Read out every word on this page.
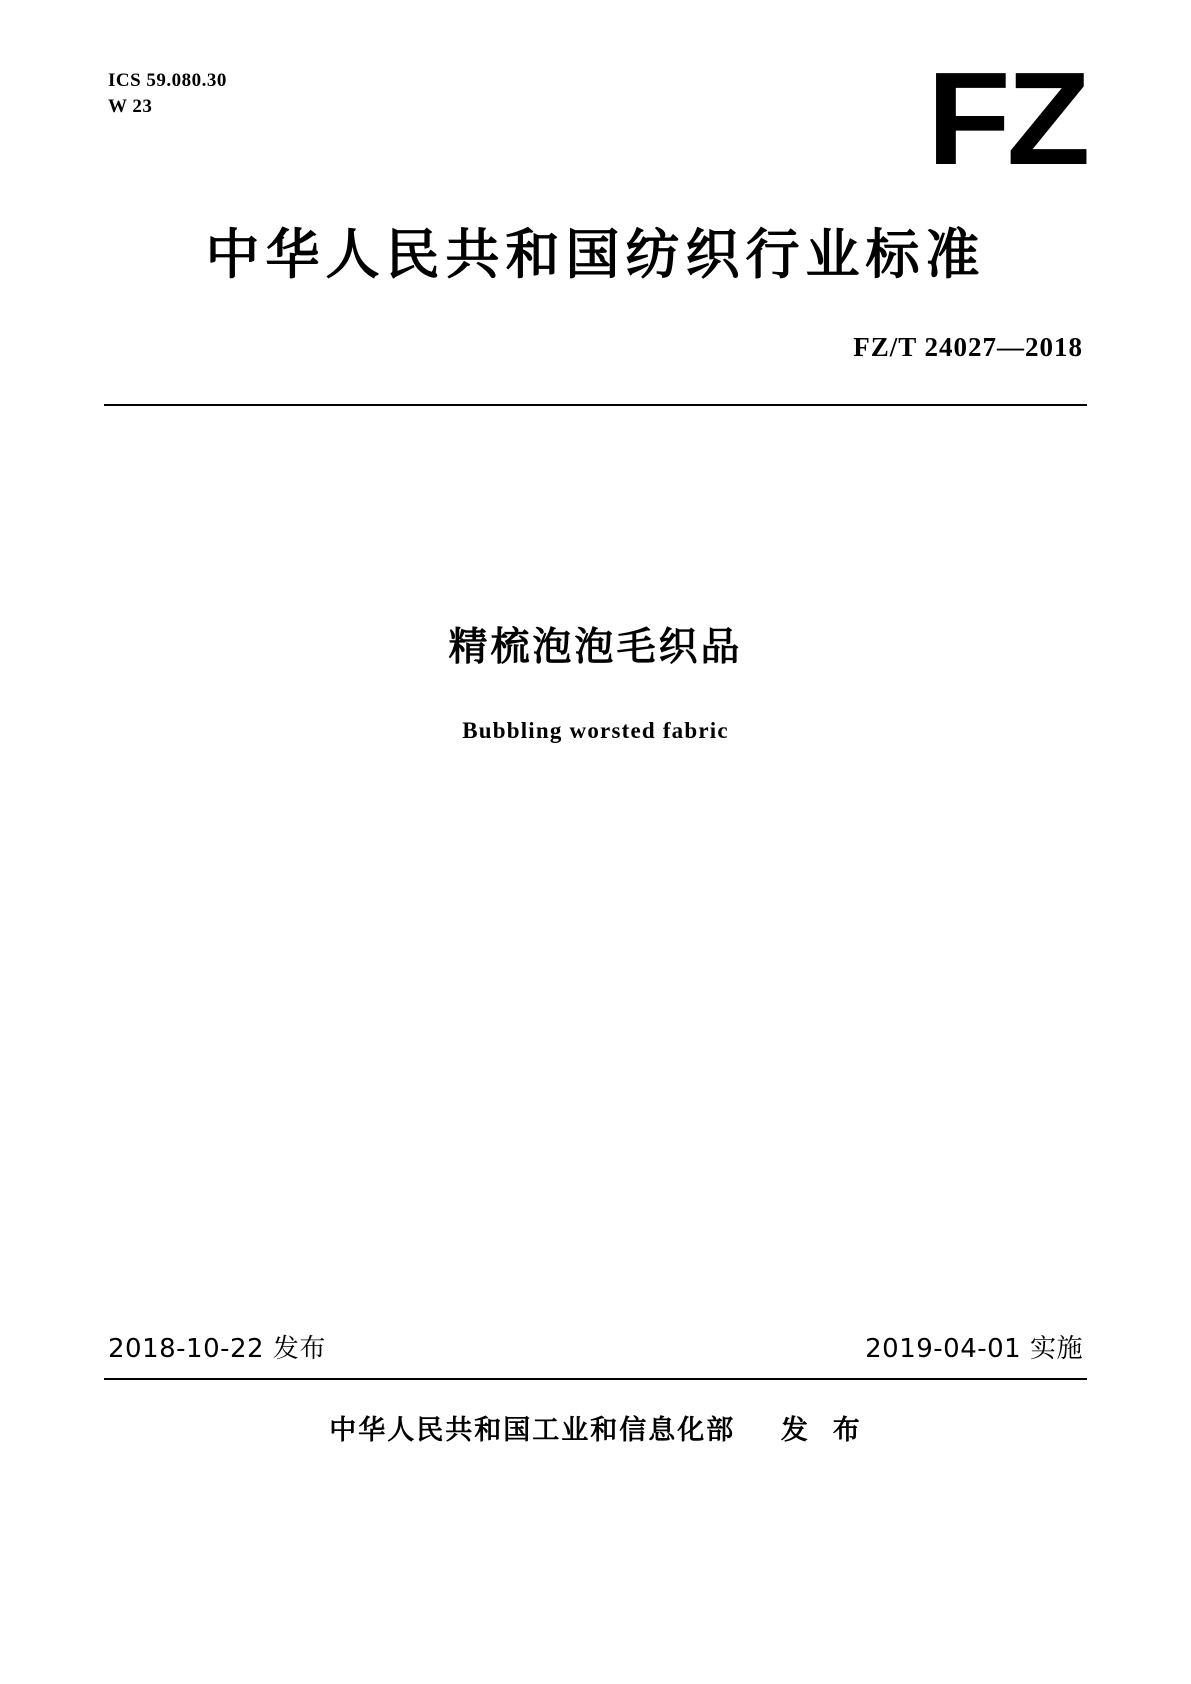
ICS 59.080.30
W 23	FZ
中华人民共和国纺织行业标准
FZ/T 24027—2018
精梳泡泡毛织品
Bubbling worsted fabric
2018-10-22 发布	2019-04-01 实施
中华人民共和国工业和信息化部    发  布
